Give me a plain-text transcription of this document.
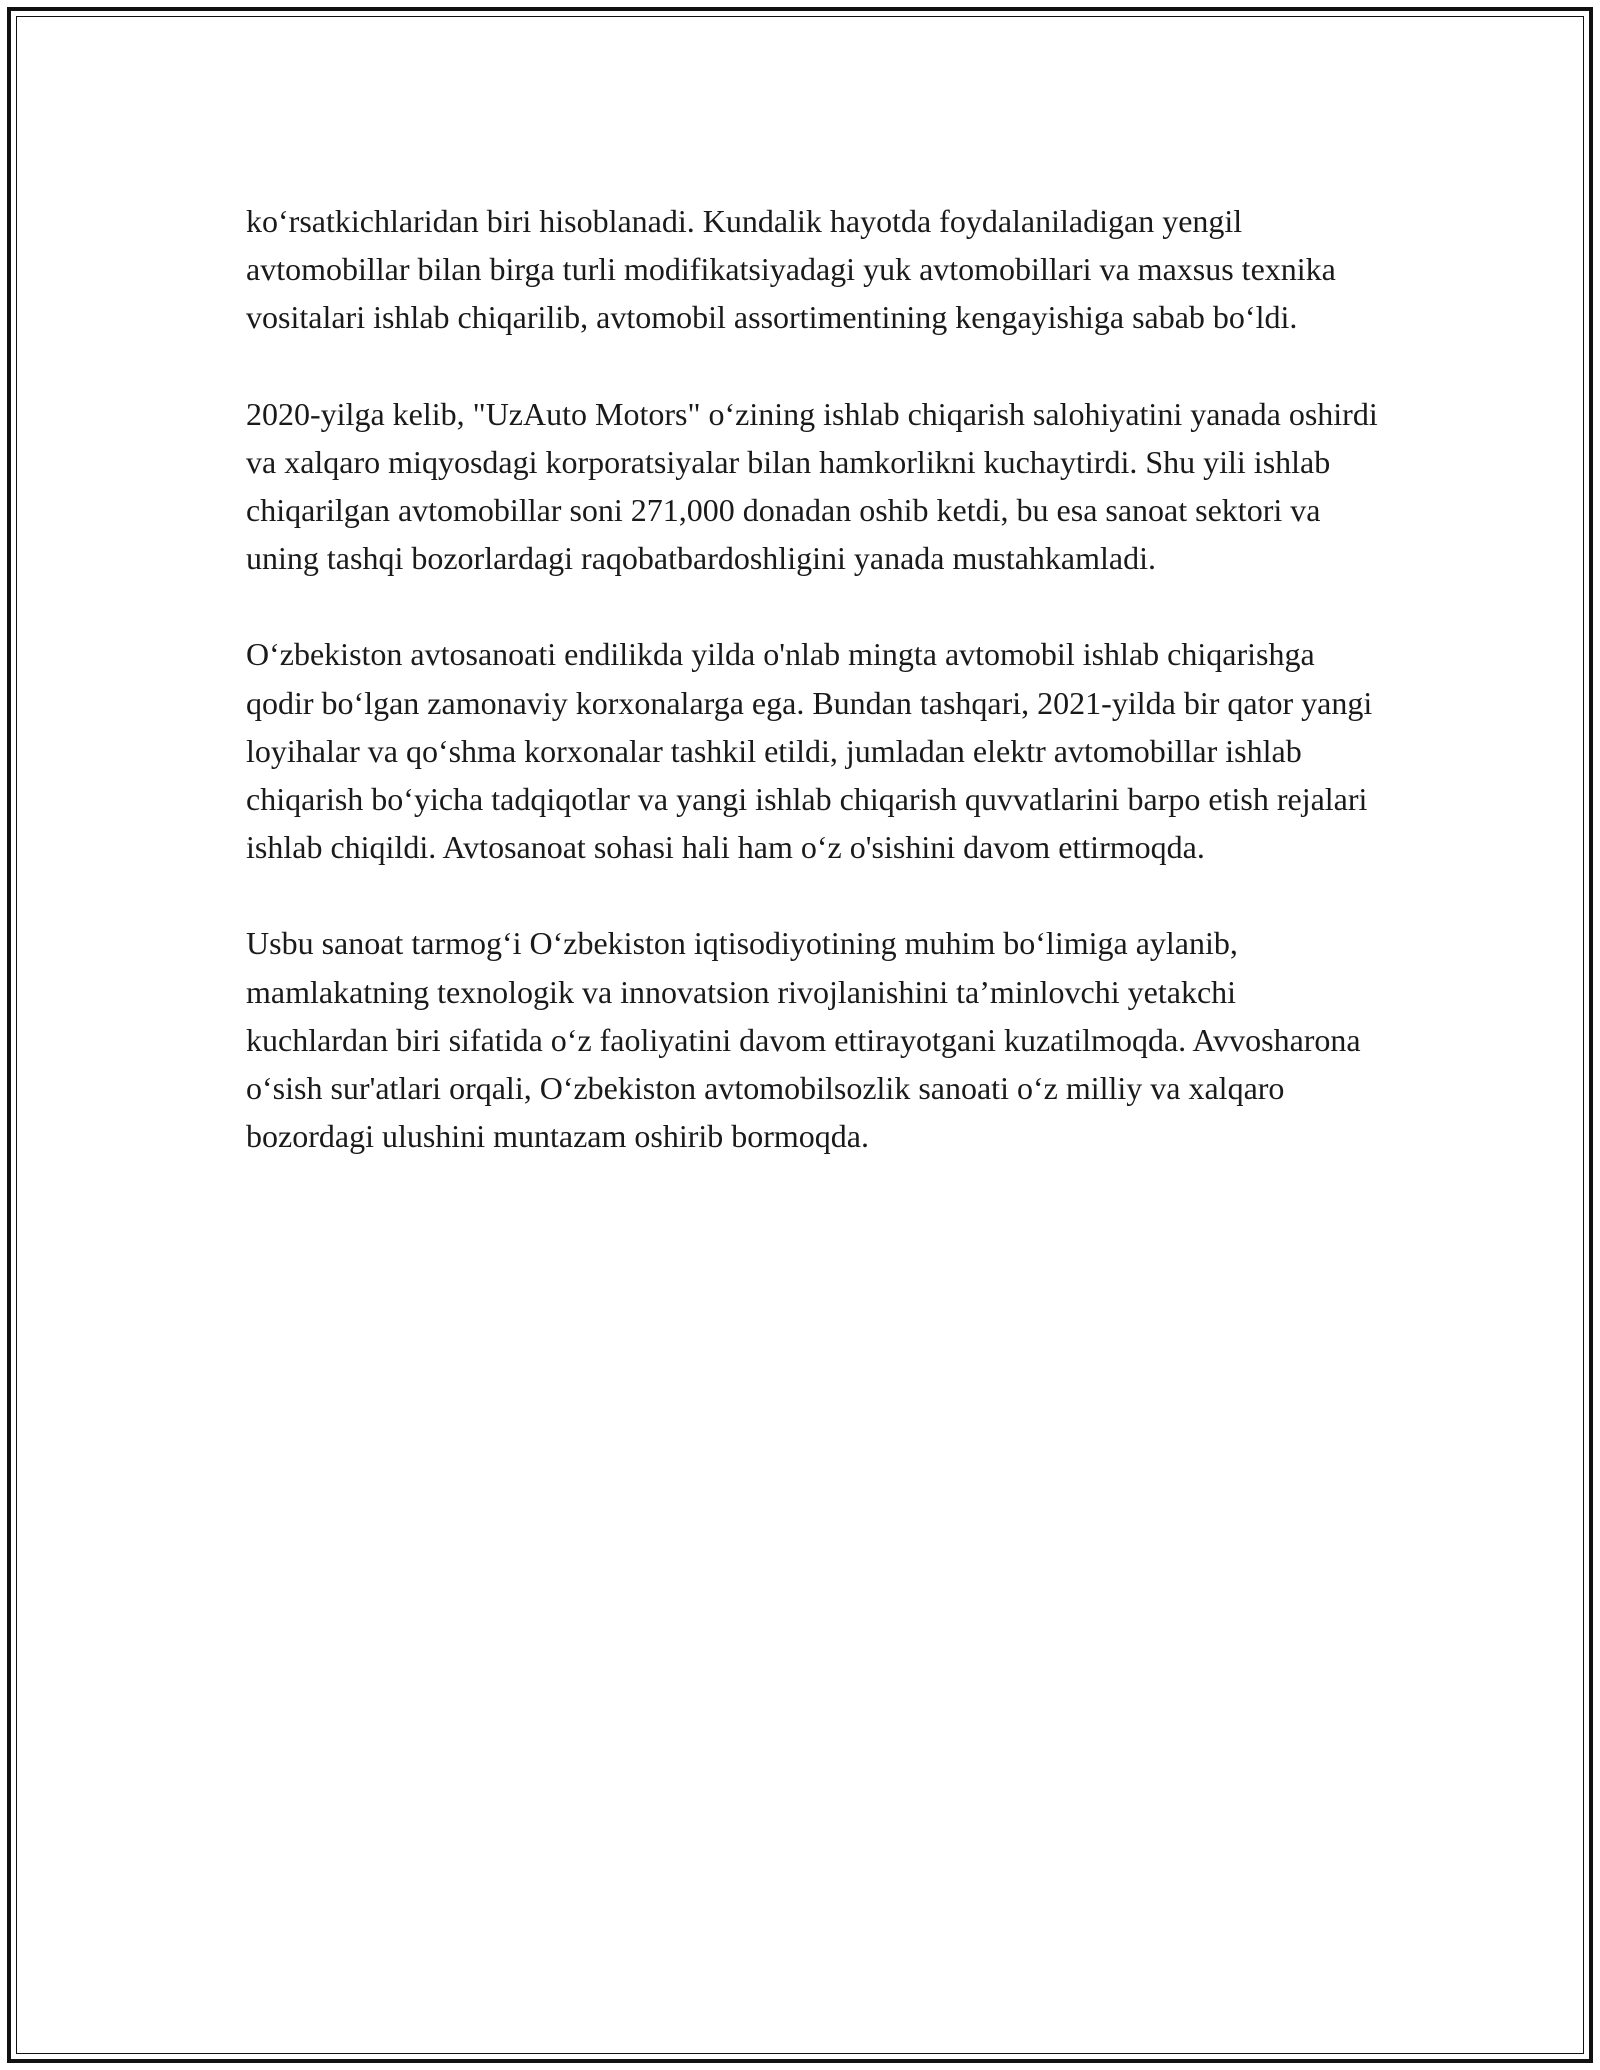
ko‘rsatkichlaridan biri hisoblanadi. Kundalik hayotda foydalaniladigan yengil avtomobillar bilan birga turli modifikatsiyadagi yuk avtomobillari va maxsus texnika vositalari ishlab chiqarilib, avtomobil assortimentining kengayishiga sabab bo‘ldi.

2020-yilga kelib, "UzAuto Motors" o‘zining ishlab chiqarish salohiyatini yanada oshirdi va xalqaro miqyosdagi korporatsiyalar bilan hamkorlikni kuchaytirdi. Shu yili ishlab chiqarilgan avtomobillar soni 271,000 donadan oshib ketdi, bu esa sanoat sektori va uning tashqi bozorlardagi raqobatbardoshligini yanada mustahkamladi.

O‘zbekiston avtosanoati endilikda yilda o'nlab mingta avtomobil ishlab chiqarishga qodir bo‘lgan zamonaviy korxonalarga ega. Bundan tashqari, 2021-yilda bir qator yangi loyihalar va qo‘shma korxonalar tashkil etildi, jumladan elektr avtomobillar ishlab chiqarish bo‘yicha tadqiqotlar va yangi ishlab chiqarish quvvatlarini barpo etish rejalari ishlab chiqildi. Avtosanoat sohasi hali ham o‘z o'sishini davom ettirmoqda.

Usbu sanoat tarmog‘i O‘zbekiston iqtisodiyotining muhim bo‘limiga aylanib, mamlakatning texnologik va innovatsion rivojlanishini ta’minlovchi yetakchi kuchlardan biri sifatida o‘z faoliyatini davom ettirayotgani kuzatilmoqda. Avvosharona o‘sish sur'atlari orqali, O‘zbekiston avtomobilsozlik sanoati o‘z milliy va xalqaro bozordagi ulushini muntazam oshirib bormoqda.
